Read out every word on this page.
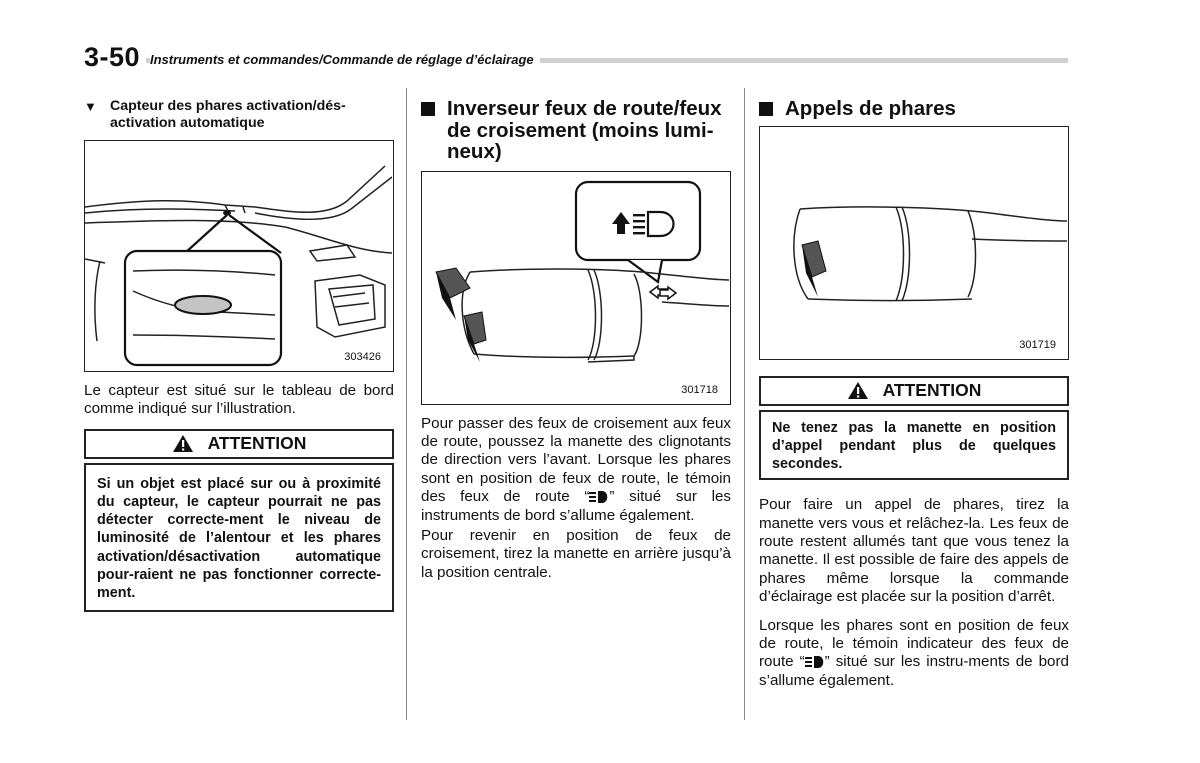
3-50 Instruments et commandes/Commande de réglage d’éclairage
▼ Capteur des phares activation/dés-
activation automatique
303426
Le capteur est situé sur le tableau de bord comme indiqué sur l’illustration.
ATTENTION
Si un objet est placé sur ou à proximité du capteur, le capteur pourrait ne pas détecter correcte-ment le niveau de luminosité de l’alentour et les phares activation/désactivation automatique pour-raient ne pas fonctionner correcte-ment.
Inverseur feux de route/feux
de croisement (moins lumi-
neux)
301718
Pour passer des feux de croisement aux feux de route, poussez la manette des clignotants de direction vers l’avant. Lorsque les phares sont en position de feux de route, le témoin des feux de route “ ” situé sur les instruments de bord s’allume également.
Pour revenir en position de feux de croisement, tirez la manette en arrière jusqu’à la position centrale.
Appels de phares
301719
ATTENTION
Ne tenez pas la manette en position d’appel pendant plus de quelques secondes.
Pour faire un appel de phares, tirez la manette vers vous et relâchez-la. Les feux de route restent allumés tant que vous tenez la manette. Il est possible de faire des appels de phares même lorsque la commande d’éclairage est placée sur la position d’arrêt.
Lorsque les phares sont en position de feux de route, le témoin indicateur des feux de route “ ” situé sur les instru-ments de bord s’allume également.
